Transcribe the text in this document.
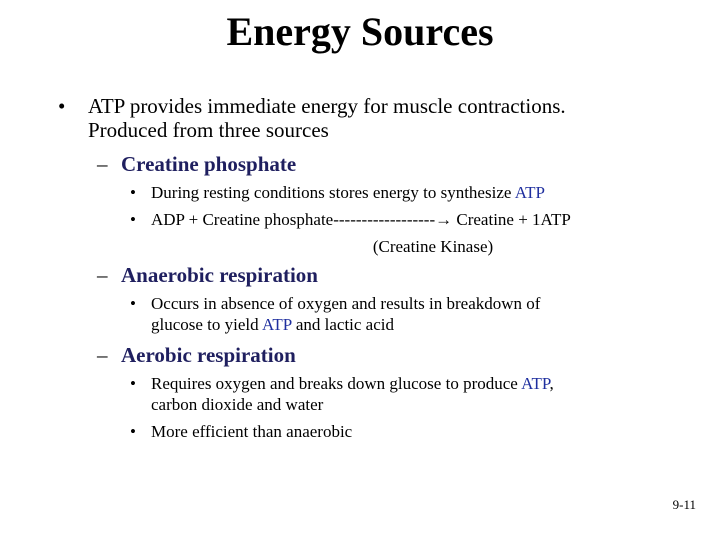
Energy Sources
• ATP provides immediate energy for muscle contractions.
Produced from three sources
– Creatine phosphate
• During resting conditions stores energy to synthesize ATP
• ADP + Creatine phosphate------------------→ Creatine + 1ATP
(Creatine Kinase)
– Anaerobic respiration
• Occurs in absence of oxygen and results in breakdown of
glucose to yield ATP and lactic acid
– Aerobic respiration
• Requires oxygen and breaks down glucose to produce ATP,
carbon dioxide and water
• More efficient than anaerobic
9-11
